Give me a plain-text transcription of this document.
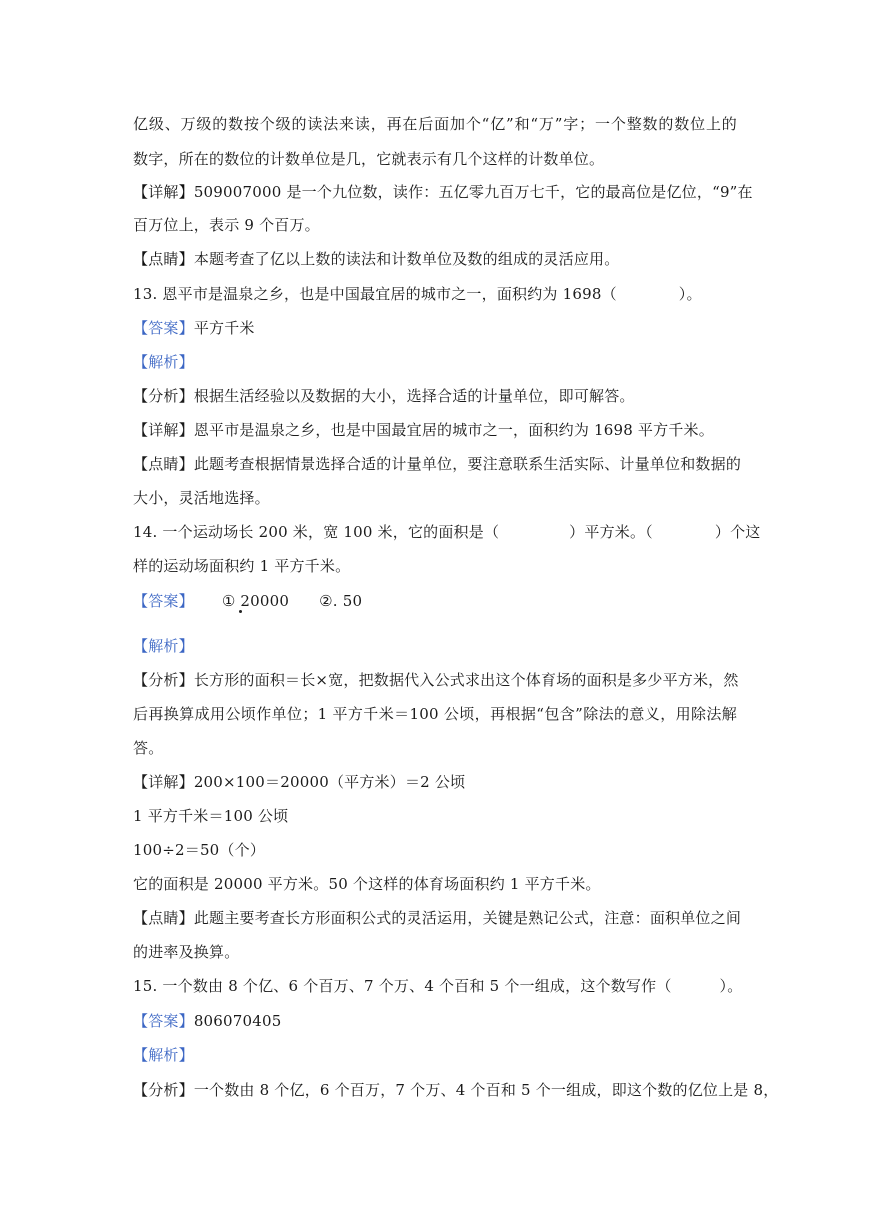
亿级、万级的数按个级的读法来读，再在后面加个“亿”和“万”字；一个整数的数位上的
数字，所在的数位的计数单位是几，它就表示有几个这样的计数单位。
【详解】509007000 是一个九位数，读作：五亿零九百万七千，它的最高位是亿位，“9”在
百万位上，表示 9 个百万。
【点睛】本题考查了亿以上数的读法和计数单位及数的组成的灵活应用。
13. 恩平市是温泉之乡，也是中国最宜居的城市之一，面积约为 1698（	）。
【答案】平方千米
【解析】
【分析】根据生活经验以及数据的大小，选择合适的计量单位，即可解答。
【详解】恩平市是温泉之乡，也是中国最宜居的城市之一，面积约为 1698 平方千米。
【点睛】此题考查根据情景选择合适的计量单位，要注意联系生活实际、计量单位和数据的
大小，灵活地选择。
14. 一个运动场长 200 米，宽 100 米，它的面积是（	）平方米。（	）个这
样的运动场面积约 1 平方千米。
【答案】 ① 20000 ②. 50
【解析】
【分析】长方形的面积＝长×宽，把数据代入公式求出这个体育场的面积是多少平方米，然
后再换算成用公顷作单位；1 平方千米＝100 公顷，再根据“包含”除法的意义，用除法解
答。
【详解】200×100＝20000（平方米）＝2 公顷
1 平方千米＝100 公顷
100÷2＝50（个）
它的面积是 20000 平方米。50 个这样的体育场面积约 1 平方千米。
【点睛】此题主要考查长方形面积公式的灵活运用，关键是熟记公式，注意：面积单位之间
的进率及换算。
15. 一个数由 8 个亿、6 个百万、7 个万、4 个百和 5 个一组成，这个数写作（	）。
【答案】806070405
【解析】
【分析】一个数由 8 个亿，6 个百万，7 个万、4 个百和 5 个一组成，即这个数的亿位上是 8，
